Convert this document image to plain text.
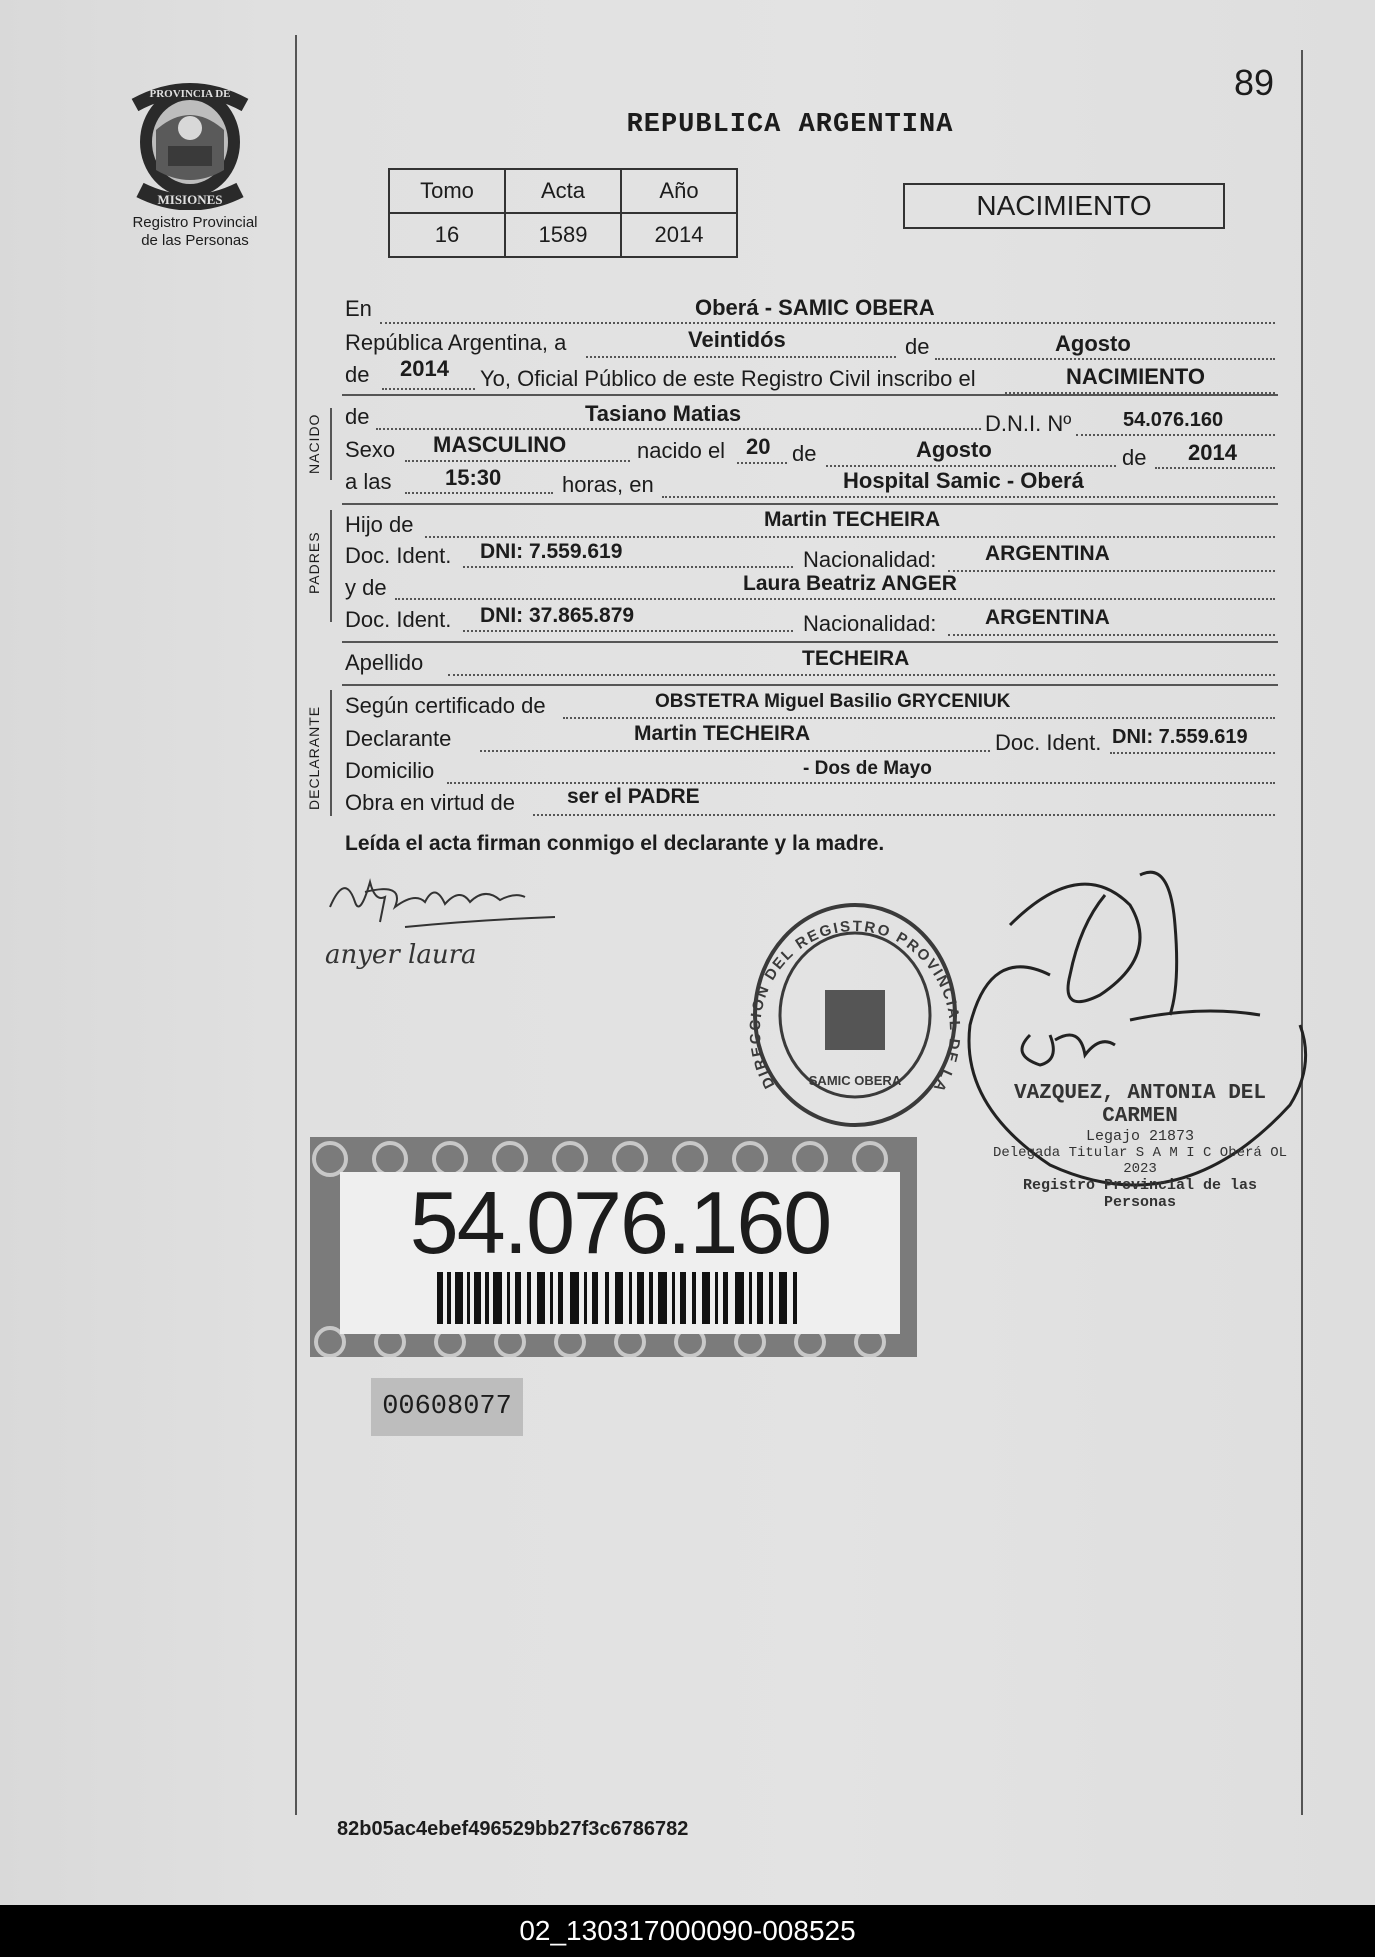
89
REPUBLICA ARGENTINA
PROVINCIA DE
MISIONES
Registro Provincial
de las Personas
Tomo	Acta	Año
16	1589	2014
NACIMIENTO
En	Oberá - SAMIC OBERA
República Argentina, a	Veintidós	de	Agosto
de 2014 Yo, Oficial Público de este Registro Civil inscribo el	NACIMIENTO
NACIDO de	Tasiano Matias	D.N.I. Nº	54.076.160
Sexo MASCULINO	nacido el 20 de	Agosto	de 2014
a las 15:30	horas, en	Hospital Samic - Oberá
PADRES
Hijo de	Martin TECHEIRA
Doc. Ident. DNI: 7.559.619	Nacionalidad: ARGENTINA
y de	Laura Beatriz ANGER
Doc. Ident. DNI: 37.865.879	Nacionalidad: ARGENTINA
Apellido	TECHEIRA
DECLARANTE
Según certificado de	OBSTETRA Miguel Basilio GRYCENIUK
Declarante	Martin TECHEIRA	Doc. Ident. DNI: 7.559.619
Domicilio	- Dos de Mayo
Obra en virtud de ser el PADRE
Leída el acta firman conmigo el declarante y la madre.
anyer laura
DIRECCION DEL REGISTRO PROVINCIAL DE LA
SAMIC OBERA
VAZQUEZ, ANTONIA DEL CARMEN
Legajo 21873
Delegada Titular S A M I C Oberá OL 2023
Registro Provincial de las Personas
54.076.160
00608077
82b05ac4ebef496529bb27f3c6786782
02_130317000090-008525
